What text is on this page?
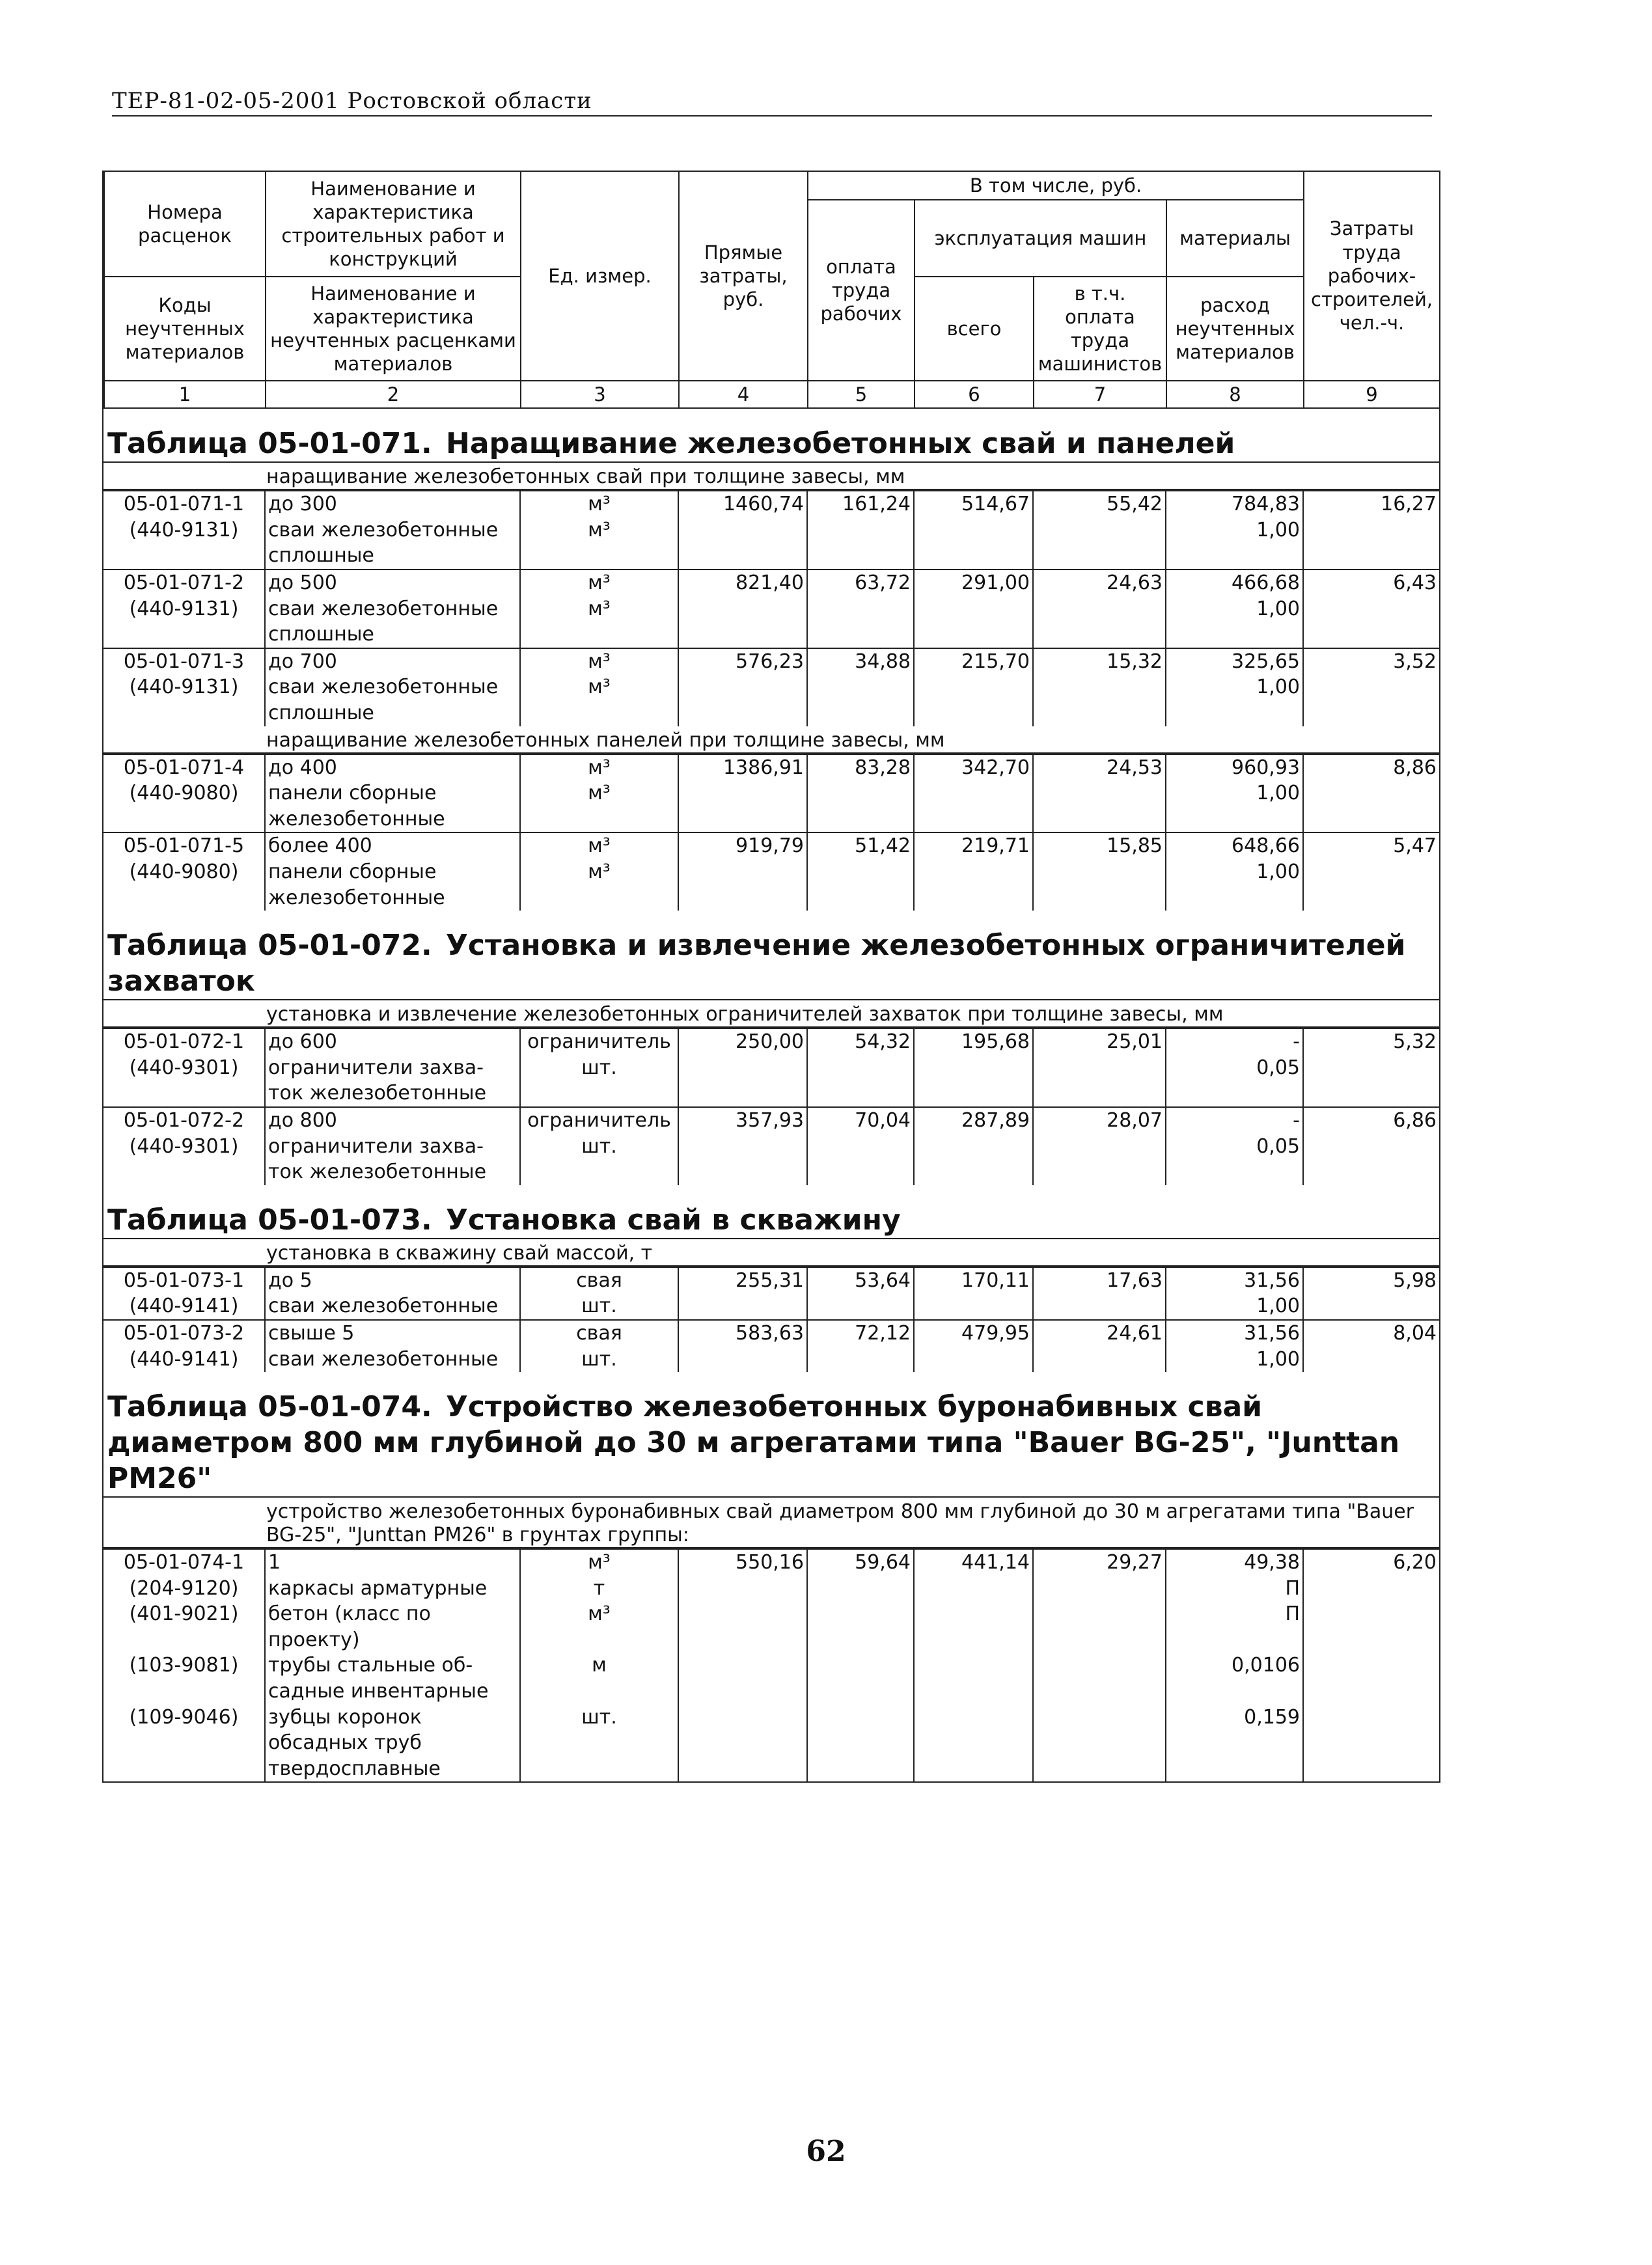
ТЕР-81-02-05-2001 Ростовской области
Номера расценок	Наименование и характеристика строительных работ и конструкций	Ед. измер.	Прямые затраты, руб.	В том числе, руб.				Затраты труда рабочих-строителей, чел.-ч.
				оплата труда рабочих	эксплуатация машин		материалы	
Коды неучтенных материалов	Наименование и характеристика неучтенных расценками материалов				всего	в т.ч. оплата труда машинистов	расход неучтенных материалов	

1	2	3	4	5	6	7	8	9
Таблица 05-01-071. Наращивание железобетонных свай и панелей
наращивание железобетонных свай при толщине завесы, мм
05-01-071-1	до 300	м³	1460,74	161,24	514,67	55,42	784,83	16,27
(440-9131)	сваи железобетонные	м³					1,00	
	сплошные							
05-01-071-2	до 500	м³	821,40	63,72	291,00	24,63	466,68	6,43
(440-9131)	сваи железобетонные	м³					1,00	
	сплошные							
05-01-071-3	до 700	м³	576,23	34,88	215,70	15,32	325,65	3,52
(440-9131)	сваи железобетонные	м³					1,00	
	сплошные							
наращивание железобетонных панелей при толщине завесы, мм
05-01-071-4	до 400	м³	1386,91	83,28	342,70	24,53	960,93	8,86
(440-9080)	панели сборные	м³					1,00	
	железобетонные							
05-01-071-5	более 400	м³	919,79	51,42	219,71	15,85	648,66	5,47
(440-9080)	панели сборные	м³					1,00	
	железобетонные							
Таблица 05-01-072. Установка и извлечение железобетонных ограничителей захваток
установка и извлечение железобетонных ограничителей захваток при толщине завесы, мм
05-01-072-1	до 600	ограничитель	250,00	54,32	195,68	25,01	-	5,32
(440-9301)	ограничители захва-	шт.					0,05	
	ток железобетонные							
05-01-072-2	до 800	ограничитель	357,93	70,04	287,89	28,07	-	6,86
(440-9301)	ограничители захва-	шт.					0,05	
	ток железобетонные							
Таблица 05-01-073. Установка свай в скважину
установка в скважину свай массой, т
05-01-073-1	до 5	свая	255,31	53,64	170,11	17,63	31,56	5,98
(440-9141)	сваи железобетонные	шт.					1,00	
05-01-073-2	свыше 5	свая	583,63	72,12	479,95	24,61	31,56	8,04
(440-9141)	сваи железобетонные	шт.					1,00	
Таблица 05-01-074. Устройство железобетонных буронабивных свай диаметром 800 мм глубиной до 30 м агрегатами типа "Bauer BG-25", "Junttan PM26"
устройство железобетонных буронабивных свай диаметром 800 мм глубиной до 30 м агрегатами типа "Bauer BG-25", "Junttan PM26" в грунтах группы:
05-01-074-1	1	м³	550,16	59,64	441,14	29,27	49,38	6,20
(204-9120)	каркасы арматурные	т					П	
(401-9021)	бетон (класс по	м³					П	
	проекту)							
(103-9081)	трубы стальные об-	м					0,0106	
	садные инвентарные							
(109-9046)	зубцы коронок	шт.					0,159	
	обсадных труб							
	твердосплавные							
62
